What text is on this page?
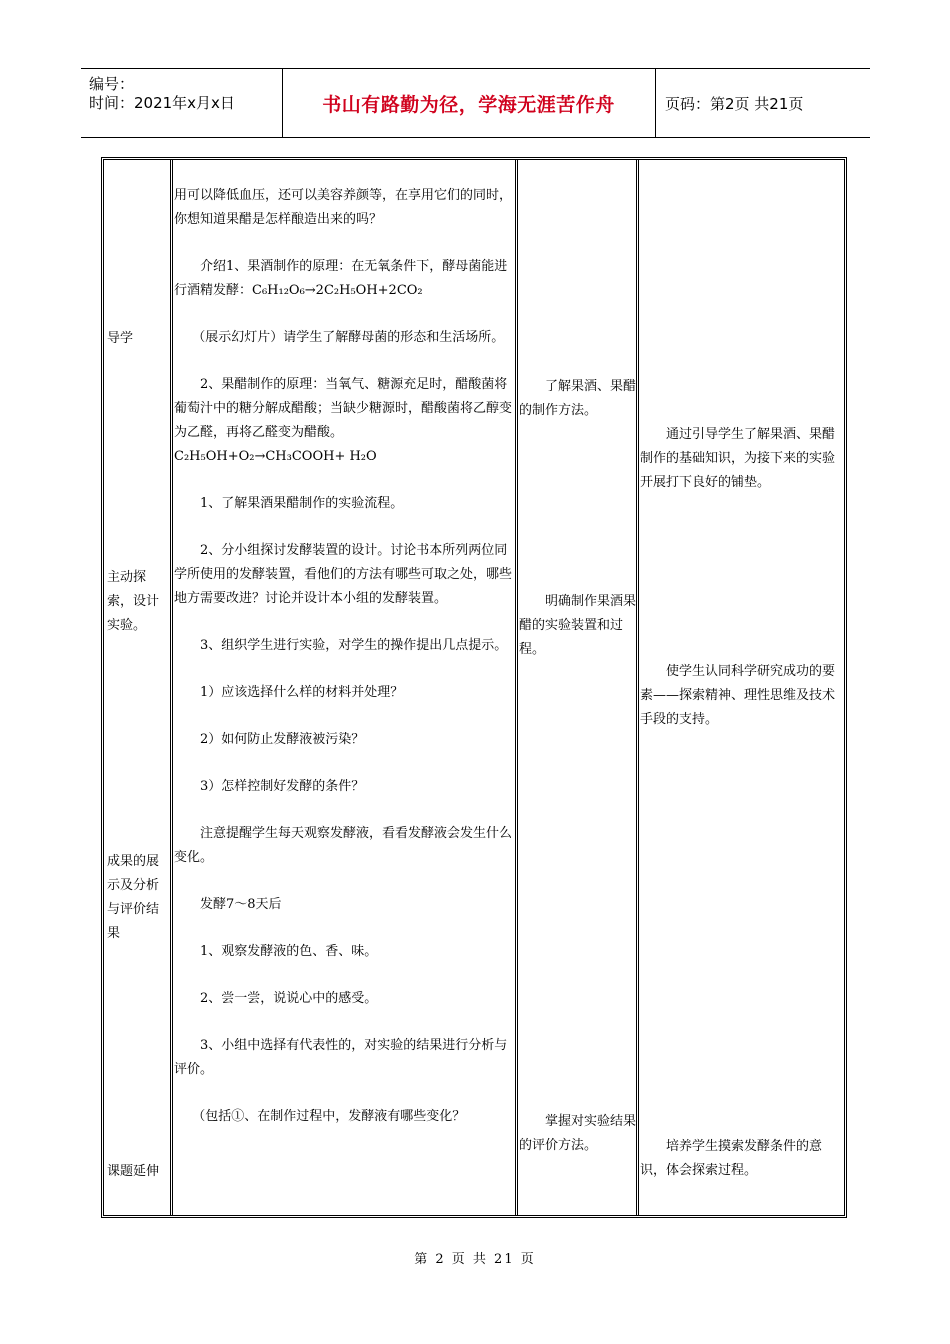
编号：
时间：2021年x月x日	书山有路勤为径，学海无涯苦作舟	页码：第2页 共21页
导学
主动探索，设计实验。
成果的展示及分析与评价结果
课题延伸

用可以降低血压，还可以美容养颜等，在享用它们的同时，你想知道果醋是怎样酿造出来的吗？

介绍1、果酒制作的原理：在无氧条件下，酵母菌能进行酒精发酵：C₆H₁₂O₆→2C₂H₅OH+2CO₂

（展示幻灯片）请学生了解酵母菌的形态和生活场所。

2、果醋制作的原理：当氧气、糖源充足时，醋酸菌将葡萄汁中的糖分解成醋酸；当缺少糖源时，醋酸菌将乙醇变为乙醛，再将乙醛变为醋酸。C₂H₅OH+O₂→CH₃COOH+ H₂O

1、了解果酒果醋制作的实验流程。

2、分小组探讨发酵装置的设计。讨论书本所列两位同学所使用的发酵装置，看他们的方法有哪些可取之处，哪些地方需要改进？讨论并设计本小组的发酵装置。

3、组织学生进行实验，对学生的操作提出几点提示。

1）应该选择什么样的材料并处理？

2）如何防止发酵液被污染？

3）怎样控制好发酵的条件？

注意提醒学生每天观察发酵液，看看发酵液会发生什么变化。

发酵7～8天后

1、观察发酵液的色、香、味。

2、尝一尝，说说心中的感受。

3、小组中选择有代表性的，对实验的结果进行分析与评价。

（包括①、在制作过程中，发酵液有哪些变化？

了解果酒、果醋的制作方法。
明确制作果酒果醋的实验装置和过程。
掌握对实验结果的评价方法。
通过引导学生了解果酒、果醋制作的基础知识，为接下来的实验开展打下良好的铺垫。
使学生认同科学研究成功的要素——探索精神、理性思维及技术手段的支持。
培养学生摸索发酵条件的意识，体会探索过程。
第 2 页 共 21 页
